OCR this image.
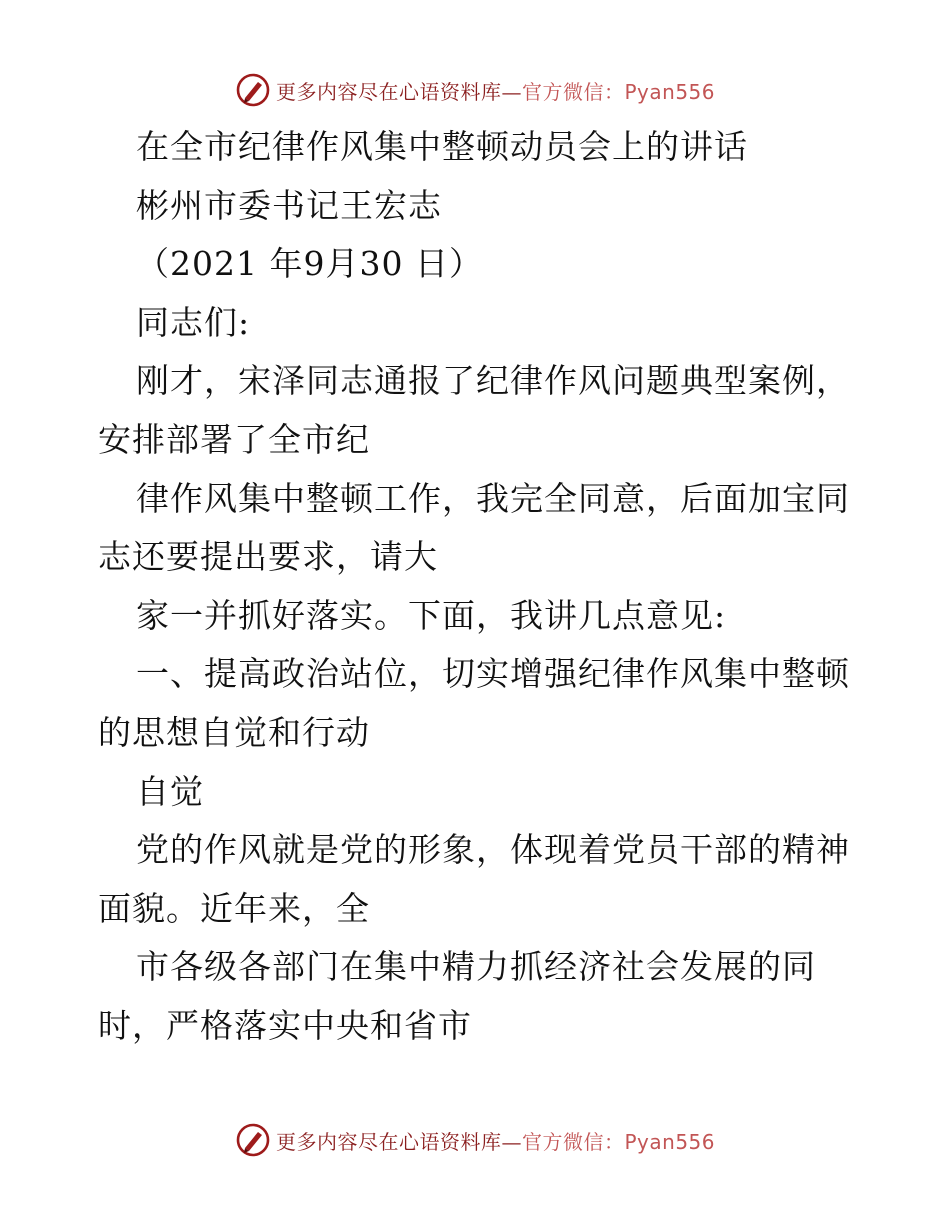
更多内容尽在心语资料库—官方微信：Pyan556
在全市纪律作风集中整顿动员会上的讲话
彬州市委书记王宏志
（2021 年9月30 日）
同志们:
刚才，宋泽同志通报了纪律作风问题典型案例，
安排部署了全市纪
律作风集中整顿工作，我完全同意，后面加宝同
志还要提出要求，请大
家一并抓好落实。下面，我讲几点意见:
一、提高政治站位，切实增强纪律作风集中整顿
的思想自觉和行动
自觉
党的作风就是党的形象，体现着党员干部的精神
面貌。近年来，全
市各级各部门在集中精力抓经济社会发展的同
时，严格落实中央和省市
更多内容尽在心语资料库—官方微信：Pyan556
